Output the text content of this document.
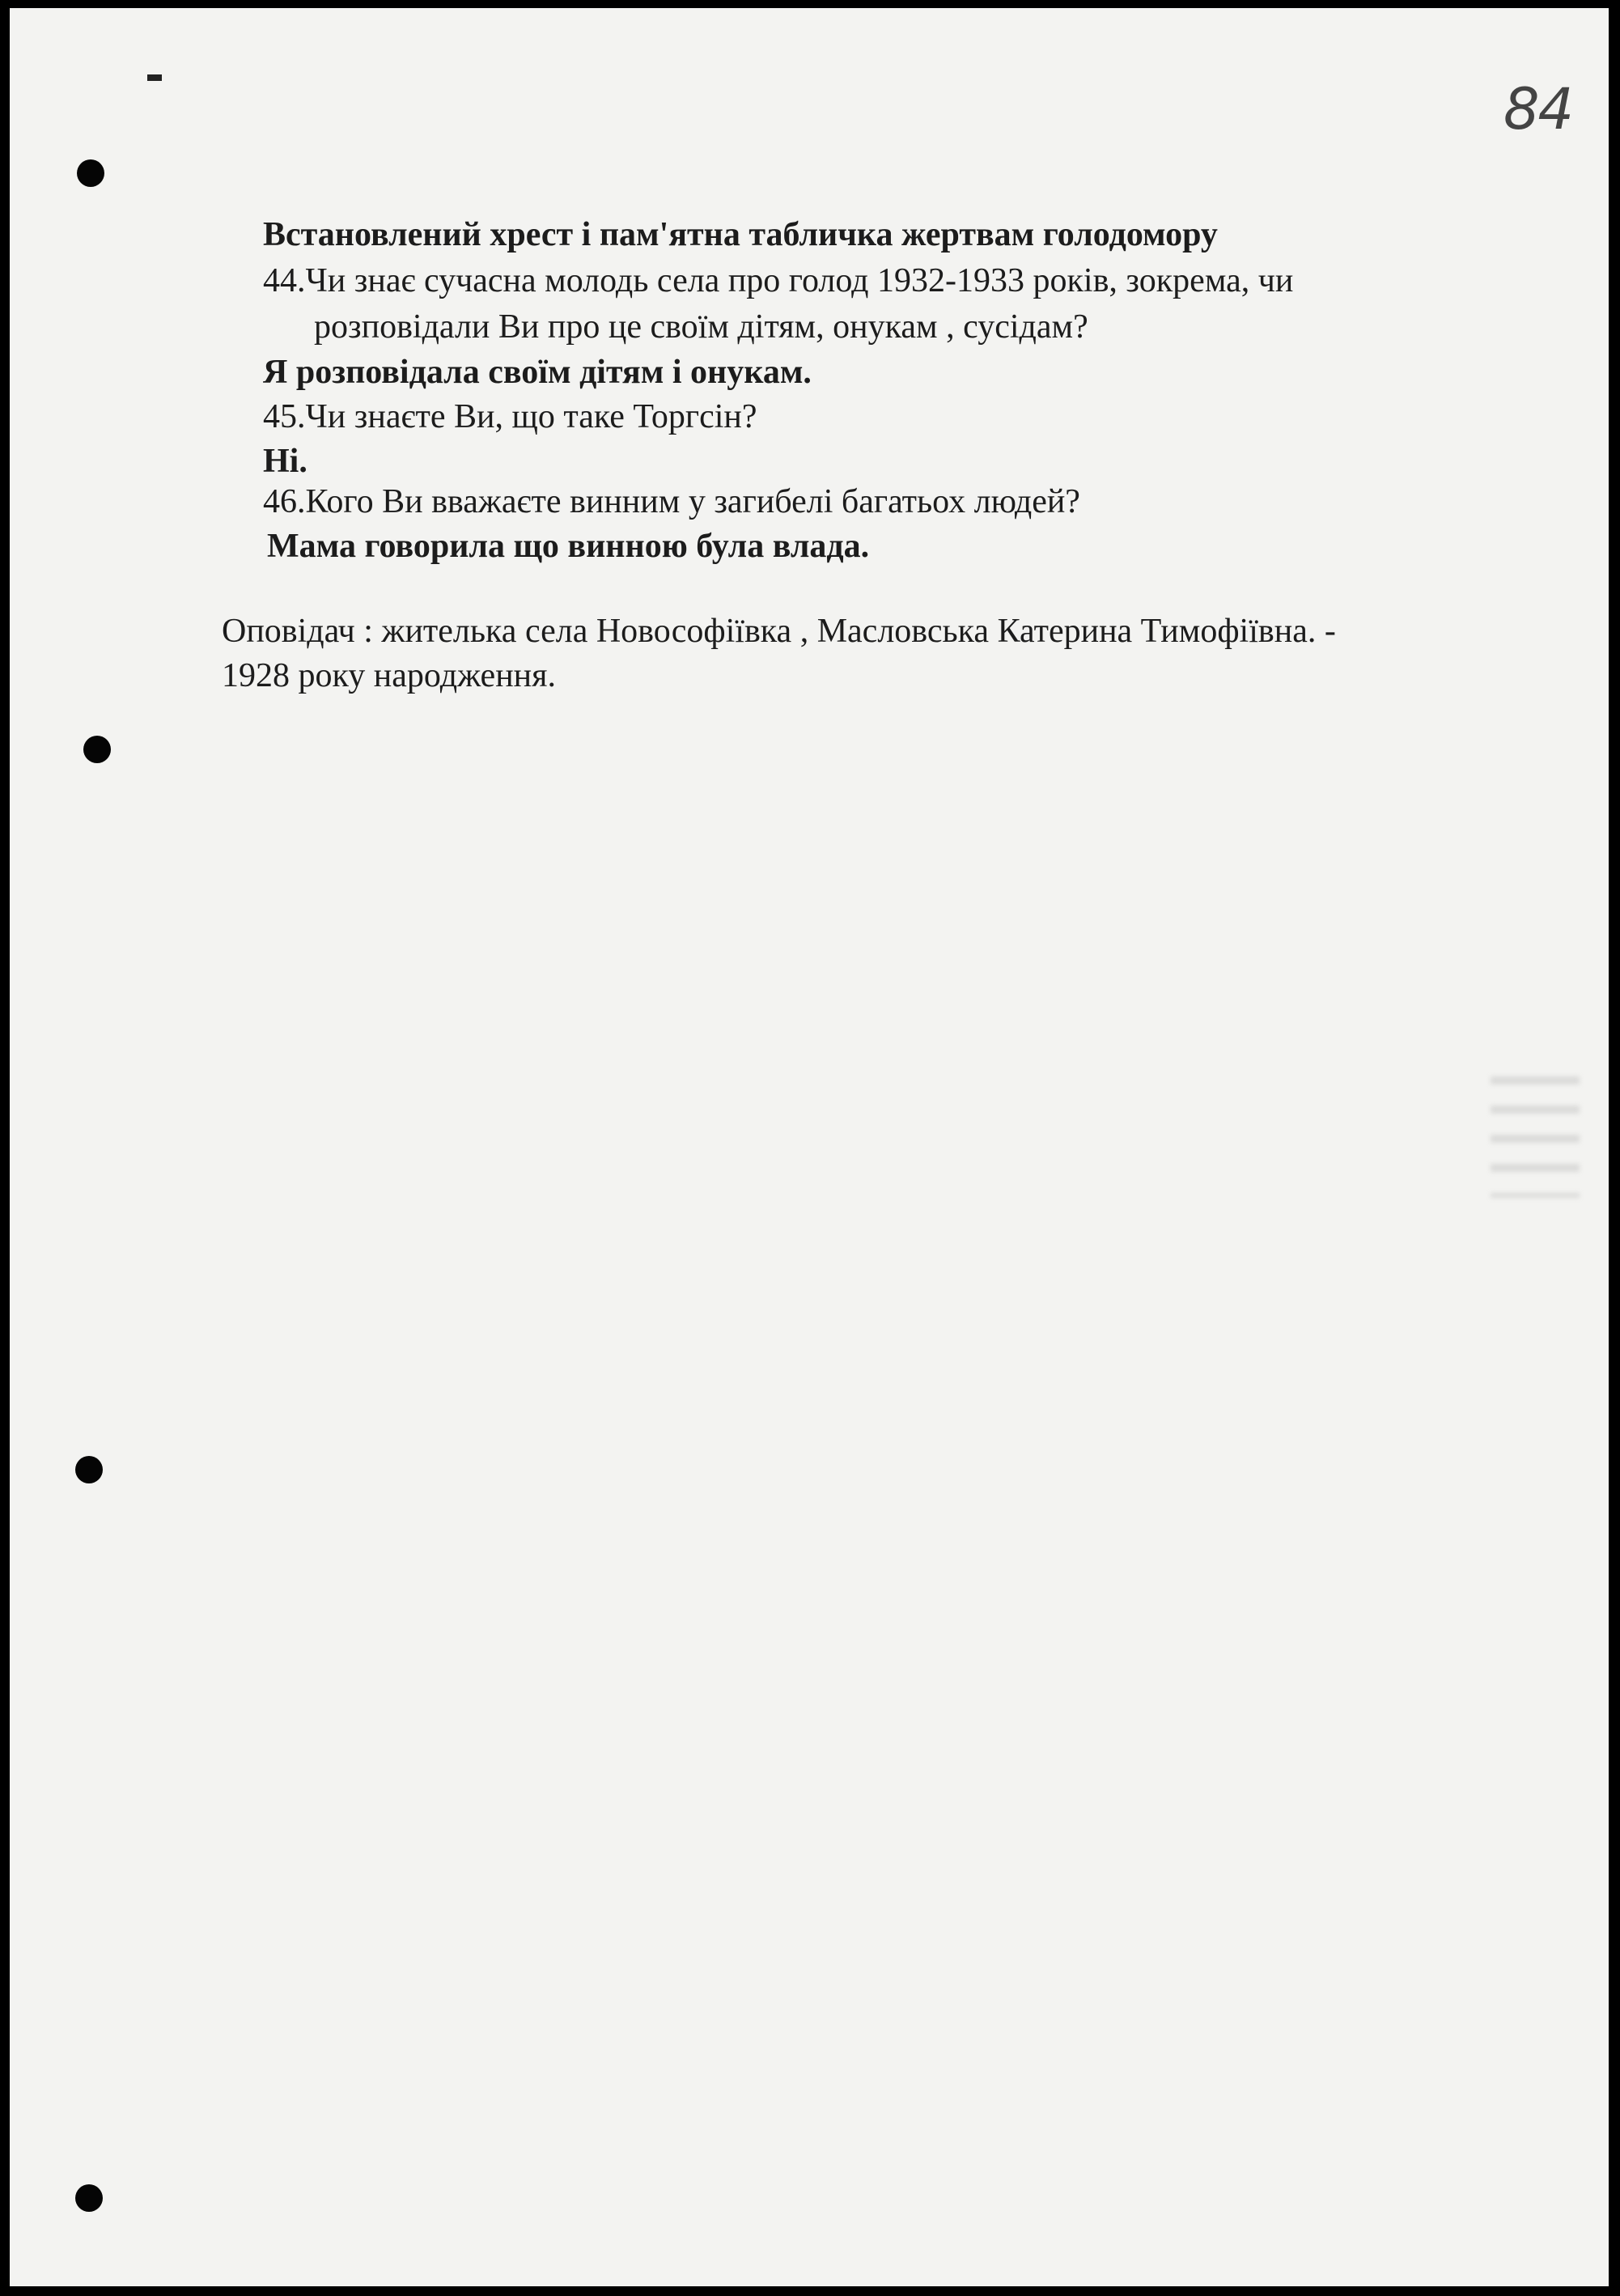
84
Встановлений хрест і пам'ятна табличка жертвам голодомору
44.Чи знає сучасна молодь села про голод 1932-1933 років, зокрема, чи
розповідали Ви про це своїм дітям, онукам , сусідам?
Я розповідала своїм дітям і онукам.
45.Чи знаєте Ви, що таке Торгсін?
Ні.
46.Кого Ви вважаєте винним у загибелі багатьох людей?
Мама говорила що винною була влада.
Оповідач : жителька села Новософіївка , Масловська Катерина Тимофіївна. -
1928 року народження.
